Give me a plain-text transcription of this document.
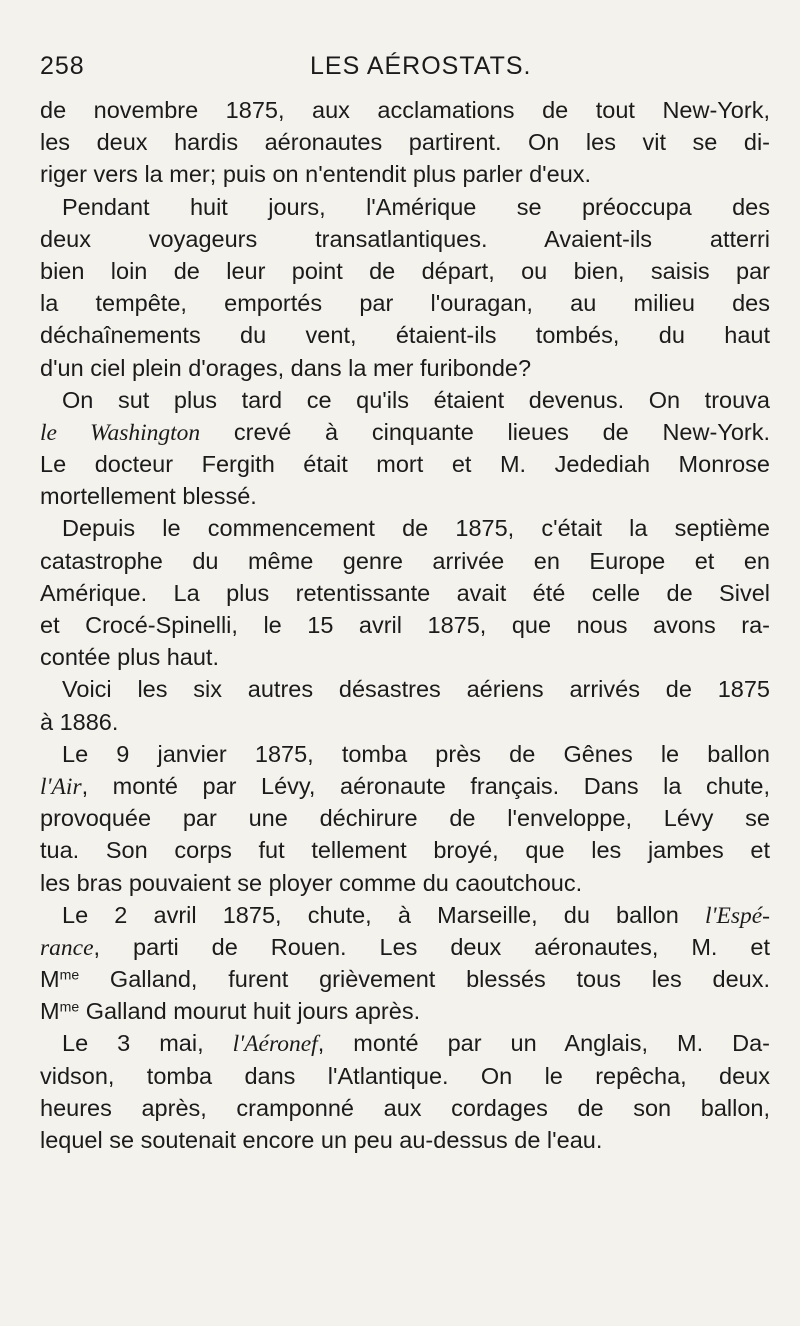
258	LES AÉROSTATS.
de novembre 1875, aux acclamations de tout New-York,
les deux hardis aéronautes partirent. On les vit se di-
riger vers la mer; puis on n'entendit plus parler d'eux.
Pendant huit jours, l'Amérique se préoccupa des
deux voyageurs transatlantiques. Avaient-ils atterri
bien loin de leur point de départ, ou bien, saisis par
la tempête, emportés par l'ouragan, au milieu des
déchaînements du vent, étaient-ils tombés, du haut
d'un ciel plein d'orages, dans la mer furibonde?
On sut plus tard ce qu'ils étaient devenus. On trouva
le Washington crevé à cinquante lieues de New-York.
Le docteur Fergith était mort et M. Jedediah Monrose
mortellement blessé.
Depuis le commencement de 1875, c'était la septième
catastrophe du même genre arrivée en Europe et en
Amérique. La plus retentissante avait été celle de Sivel
et Crocé-Spinelli, le 15 avril 1875, que nous avons ra-
contée plus haut.
Voici les six autres désastres aériens arrivés de 1875
à 1886.
Le 9 janvier 1875, tomba près de Gênes le ballon
l'Air, monté par Lévy, aéronaute français. Dans la chute,
provoquée par une déchirure de l'enveloppe, Lévy se
tua. Son corps fut tellement broyé, que les jambes et
les bras pouvaient se ployer comme du caoutchouc.
Le 2 avril 1875, chute, à Marseille, du ballon l'Espé-
rance, parti de Rouen. Les deux aéronautes, M. et
$M^{me}$ Galland, furent grièvement blessés tous les deux.
$M^{me}$ Galland mourut huit jours après.
Le 3 mai, l'Aéronef, monté par un Anglais, M. Da-
vidson, tomba dans l'Atlantique. On le repêcha, deux
heures après, cramponné aux cordages de son ballon,
lequel se soutenait encore un peu au-dessus de l'eau.
